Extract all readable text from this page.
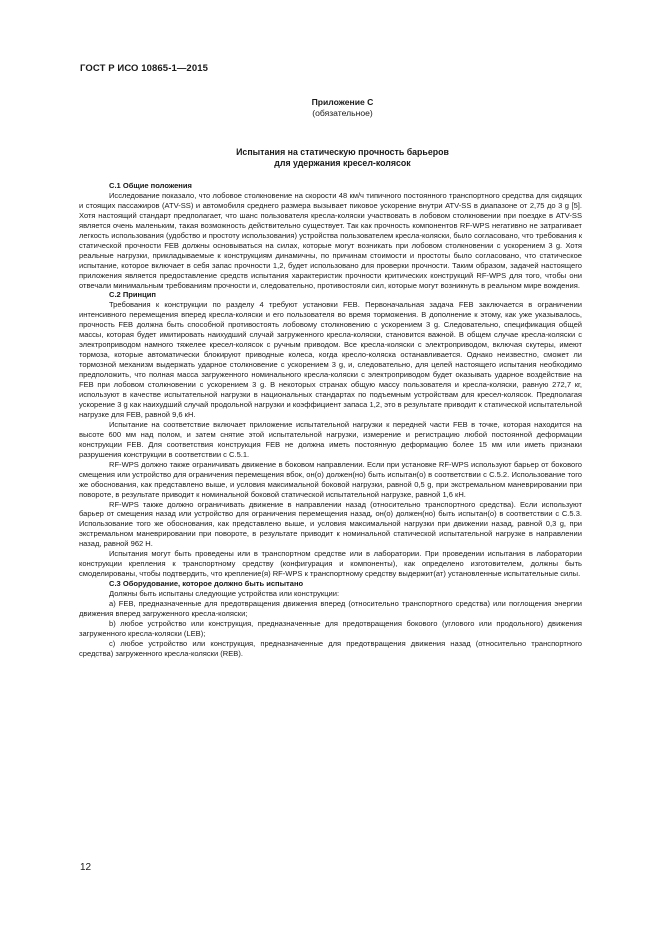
ГОСТ Р ИСО 10865-1—2015
Приложение С
(обязательное)
Испытания на статическую прочность барьеров
для удержания кресел-колясок

С.1 Общие положения

Исследование показало, что лобовое столкновение на скорости 48 км/ч типичного постоянного транспортного средства для сидящих и стоящих пассажиров (ATV-SS) и автомобиля среднего размера вызывает пиковое ускорение внутри ATV-SS в диапазоне от 2,75 до 3 g [5]. Хотя настоящий стандарт предполагает, что шанс пользователя кресла-коляски участвовать в лобовом столкновении при поездке в ATV-SS является очень маленьким, такая возможность действительно существует. Так как прочность компонентов RF-WPS негативно не затрагивает легкость использования (удобство и простоту использования) устройства пользователем кресла-коляски, было согласовано, что требования к статической прочности FEB должны основываться на силах, которые могут возникать при лобовом столкновении с ускорением 3 g. Хотя реальные нагрузки, прикладываемые к конструкциям динамичны, по причинам стоимости и простоты было согласовано, что статическое испытание, которое включает в себя запас прочности 1,2, будет использовано для проверки прочности. Таким образом, задачей настоящего приложения является предоставление средств испытания характеристик прочности критических конструкций RF-WPS для того, чтобы они отвечали минимальным требованиям прочности и, следовательно, противостояли сил, которые могут возникнуть в реальном мире вождения.

С.2 Принцип

Требования к конструкции по разделу 4 требуют установки FEB. Первоначальная задача FEB заключается в ограничении интенсивного перемещения вперед кресла-коляски и его пользователя во время торможения. В дополнение к этому, как уже указывалось, прочность FEB должна быть способной противостоять лобовому столкновению с ускорением 3 g. Следовательно, спецификация общей массы, которая будет имитировать наихудший случай загруженного кресла-коляски, становится важной. В общем случае кресла-коляски с электроприводом намного тяжелее кресел-колясок с ручным приводом. Все кресла-коляски с электроприводом, включая скутеры, имеют тормоза, которые автоматически блокируют приводные колеса, когда кресло-коляска останавливается. Однако неизвестно, сможет ли тормозной механизм выдержать ударное столкновение с ускорением 3 g, и, следовательно, для целей настоящего испытания необходимо предположить, что полная масса загруженного номинального кресла-коляски с электроприводом будет оказывать ударное воздействие на FEB при лобовом столкновении с ускорением 3 g. В некоторых странах общую массу пользователя и кресла-коляски, равную 272,7 кг, используют в качестве испытательной нагрузки в национальных стандартах по подъемным устройствам для кресел-колясок. Предполагая ускорение 3 g как наихудший случай продольной нагрузки и коэффициент запаса 1,2, это в результате приводит к статической испытательной нагрузке для FEB, равной 9,6 кН.

Испытание на соответствие включает приложение испытательной нагрузки к передней части FEB в точке, которая находится на высоте 600 мм над полом, и затем снятие этой испытательной нагрузки, измерение и регистрацию любой постоянной деформации конструкции FEB. Для соответствия конструкция FEB не должна иметь постоянную деформацию более 15 мм или иметь признаки разрушения конструкции в соответствии с С.5.1.

RF-WPS должно также ограничивать движение в боковом направлении. Если при установке RF-WPS используют барьер от бокового смещения или устройство для ограничения перемещения вбок, он(о) должен(но) быть испытан(о) в соответствии с С.5.2. Использование того же обоснования, как представлено выше, и условия максимальной боковой нагрузки, равной 0,5 g, при экстремальном маневрировании при повороте, в результате приводит к номинальной боковой статической испытательной нагрузке, равной 1,6 кН.

RF-WPS также должно ограничивать движение в направлении назад (относительно транспортного средства). Если используют барьер от смещения назад или устройство для ограничения перемещения назад, он(о) должен(но) быть испытан(о) в соответствии с С.5.3. Использование того же обоснования, как представлено выше, и условия максимальной нагрузки при движении назад, равной 0,3 g, при экстремальном маневрировании при повороте, в результате приводит к номинальной статической испытательной нагрузке в направлении назад, равной 962 Н.

Испытания могут быть проведены или в транспортном средстве или в лаборатории. При проведении испытания в лаборатории конструкции крепления к транспортному средству (конфигурация и компоненты), как определено изготовителем, должны быть смоделированы, чтобы подтвердить, что крепление(я) RF-WPS к транспортному средству выдержит(ат) установленные испытательные силы.

С.3 Оборудование, которое должно быть испытано

Должны быть испытаны следующие устройства или конструкции:

a) FEB, предназначенные для предотвращения движения вперед (относительно транспортного средства) или поглощения энергии движения вперед загруженного кресла-коляски;

b) любое устройство или конструкция, предназначенные для предотвращения бокового (углового или продольного) движения загруженного кресла-коляски (LEB);

c) любое устройство или конструкция, предназначенные для предотвращения движения назад (относительно транспортного средства) загруженного кресла-коляски (REB).

12
